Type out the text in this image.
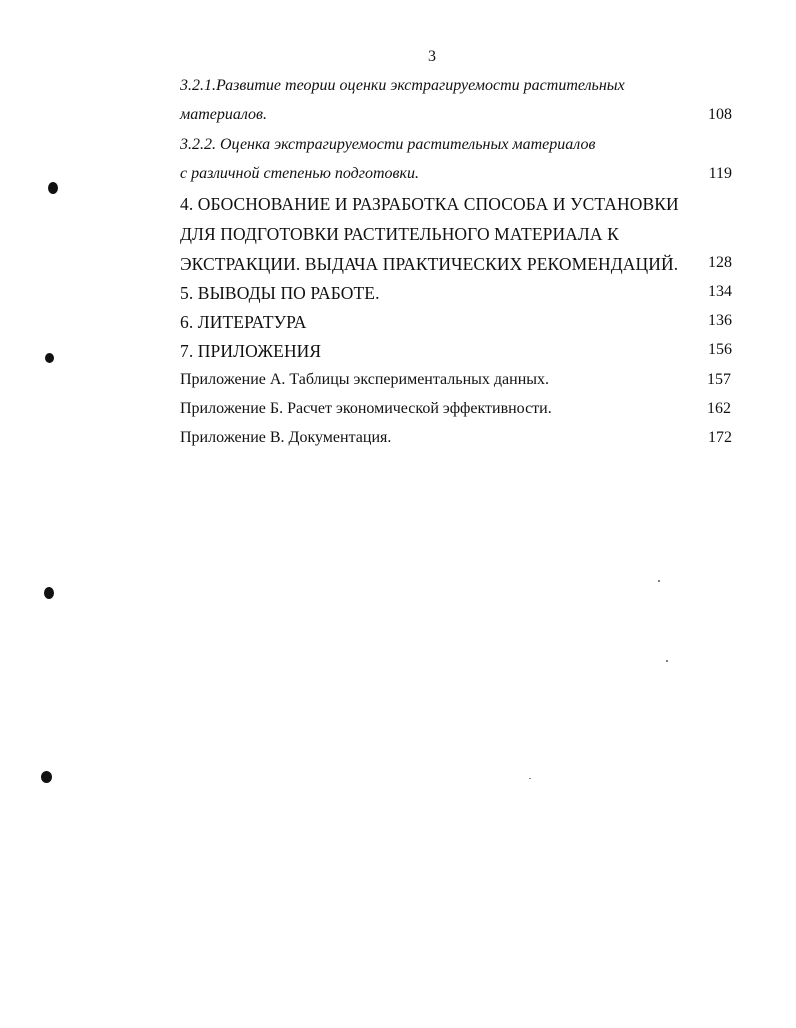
3
3.2.1.Развитие теории оценки экстрагируемости растительных
материалов.	108
3.2.2. Оценка экстрагируемости растительных материалов
с различной степенью подготовки.	119
4. ОБОСНОВАНИЕ И РАЗРАБОТКА СПОСОБА И УСТАНОВКИ
ДЛЯ ПОДГОТОВКИ РАСТИТЕЛЬНОГО МАТЕРИАЛА К
ЭКСТРАКЦИИ. ВЫДАЧА ПРАКТИЧЕСКИХ РЕКОМЕНДАЦИЙ.	128
5. ВЫВОДЫ ПО РАБОТЕ.	134
6. ЛИТЕРАТУРА	136
7. ПРИЛОЖЕНИЯ	156
Приложение А. Таблицы экспериментальных данных.	157
Приложение Б. Расчет экономической эффективности.	162
Приложение В. Документация.	172
